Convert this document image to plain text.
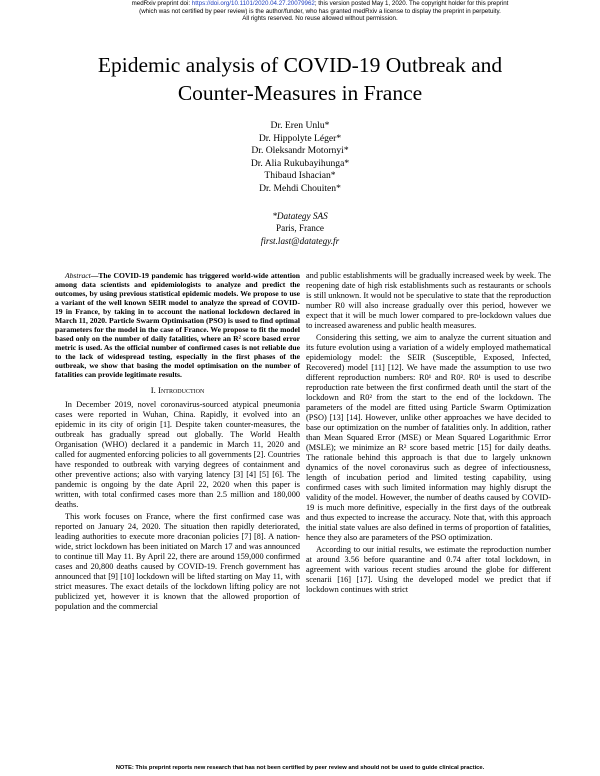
medRxiv preprint doi: https://doi.org/10.1101/2020.04.27.20079962; this version posted May 1, 2020. The copyright holder for this preprint
(which was not certified by peer review) is the author/funder, who has granted medRxiv a license to display the preprint in perpetuity.
All rights reserved. No reuse allowed without permission.
Epidemic analysis of COVID-19 Outbreak and
Counter-Measures in France
Dr. Eren Unlu*
Dr. Hippolyte Léger*
Dr. Oleksandr Motornyi*
Dr. Alia Rukubayihunga*
Thibaud Ishacian*
Dr. Mehdi Chouiten*
*Datategy SAS
Paris, France
first.last@datategy.fr

Abstract—The COVID-19 pandemic has triggered world-wide attention among data scientists and epidemiologists to analyze and predict the outcomes, by using previous statistical epidemic models. We propose to use a variant of the well known SEIR model to analyze the spread of COVID-19 in France, by taking in to account the national lockdown declared in March 11, 2020. Particle Swarm Optimisation (PSO) is used to find optimal parameters for the model in the case of France. We propose to fit the model based only on the number of daily fatalities, where an R² score based error metric is used. As the official number of confirmed cases is not reliable due to the lack of widespread testing, especially in the first phases of the outbreak, we show that basing the model optimisation on the number of fatalities can provide legitimate results.

I. Introduction

In December 2019, novel coronavirus-sourced atypical pneumonia cases were reported in Wuhan, China. Rapidly, it evolved into an epidemic in its city of origin [1]. Despite taken counter-measures, the outbreak has gradually spread out globally. The World Health Organisation (WHO) declared it a pandemic in March 11, 2020 and called for augmented enforcing policies to all governments [2]. Countries have responded to outbreak with varying degrees of containment and other preventive actions; also with varying latency [3] [4] [5] [6]. The pandemic is ongoing by the date April 22, 2020 when this paper is written, with total confirmed cases more than 2.5 million and 180,000 deaths.

This work focuses on France, where the first confirmed case was reported on January 24, 2020. The situation then rapidly deteriorated, leading authorities to execute more draconian policies [7] [8]. A nation-wide, strict lockdown has been initiated on March 17 and was announced to continue till May 11. By April 22, there are around 159,000 confirmed cases and 20,800 deaths caused by COVID-19. French government has announced that [9] [10] lockdown will be lifted starting on May 11, with strict measures. The exact details of the lockdown lifting policy are not publicized yet, however it is known that the allowed proportion of population and the commercial

and public establishments will be gradually increased week by week. The reopening date of high risk establishments such as restaurants or schools is still unknown. It would not be speculative to state that the reproduction number R0 will also increase gradually over this period, however we expect that it will be much lower compared to pre-lockdown values due to increased awareness and public health measures.

Considering this setting, we aim to analyze the current situation and its future evolution using a variation of a widely employed mathematical epidemiology model: the SEIR (Susceptible, Exposed, Infected, Recovered) model [11] [12]. We have made the assumption to use two different reproduction numbers: R0¹ and R0². R0¹ is used to describe reproduction rate between the first confirmed death until the start of the lockdown and R0² from the start to the end of the lockdown. The parameters of the model are fitted using Particle Swarm Optimization (PSO) [13] [14]. However, unlike other approaches we have decided to base our optimization on the number of fatalities only. In addition, rather than Mean Squared Error (MSE) or Mean Squared Logarithmic Error (MSLE); we minimize an R² score based metric [15] for daily deaths. The rationale behind this approach is that due to largely unknown dynamics of the novel coronavirus such as degree of infectiousness, length of incubation period and limited testing capability, using confirmed cases with such limited information may highly disrupt the validity of the model. However, the number of deaths caused by COVID-19 is much more definitive, especially in the first days of the outbreak and thus expected to increase the accuracy. Note that, with this approach the initial state values are also defined in terms of proportion of fatalities, hence they also are parameters of the PSO optimization.

According to our initial results, we estimate the reproduction number at around 3.56 before quarantine and 0.74 after total lockdown, in agreement with various recent studies around the globe for different scenarii [16] [17]. Using the developed model we predict that if lockdown continues with strict

NOTE: This preprint reports new research that has not been certified by peer review and should not be used to guide clinical practice.
